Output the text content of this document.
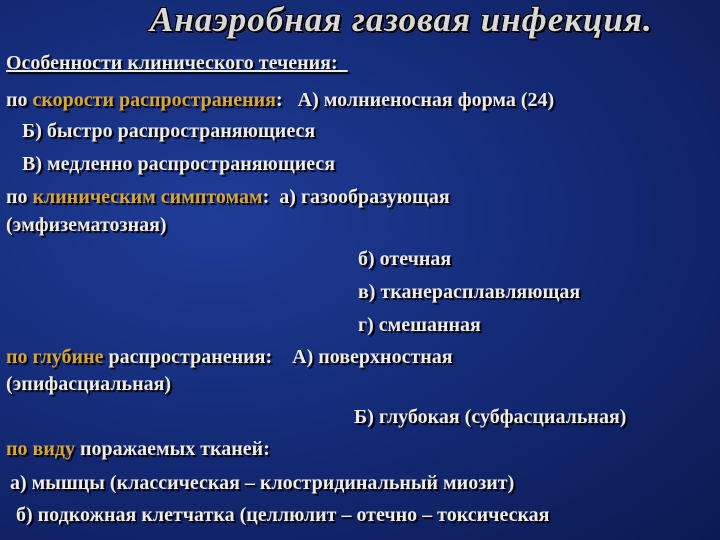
Анаэробная газовая инфекция.
Особенности клинического течения:
по скорости распространения:   А) молниеносная форма (24)
Б) быстро распространяющиеся
В) медленно распространяющиеся
по клиническим симптомам:  а) газообразующая
(эмфизематозная)
б) отечная
в) тканерасплавляющая
г) смешанная
по глубине распространения:    А) поверхностная
(эпифасциальная)
Б) глубокая (субфасциальная)
по виду поражаемых тканей:
а) мышцы (классическая – клостридинальный миозит)
б) подкожная клетчатка (целлюлит – отечно – токсическая
